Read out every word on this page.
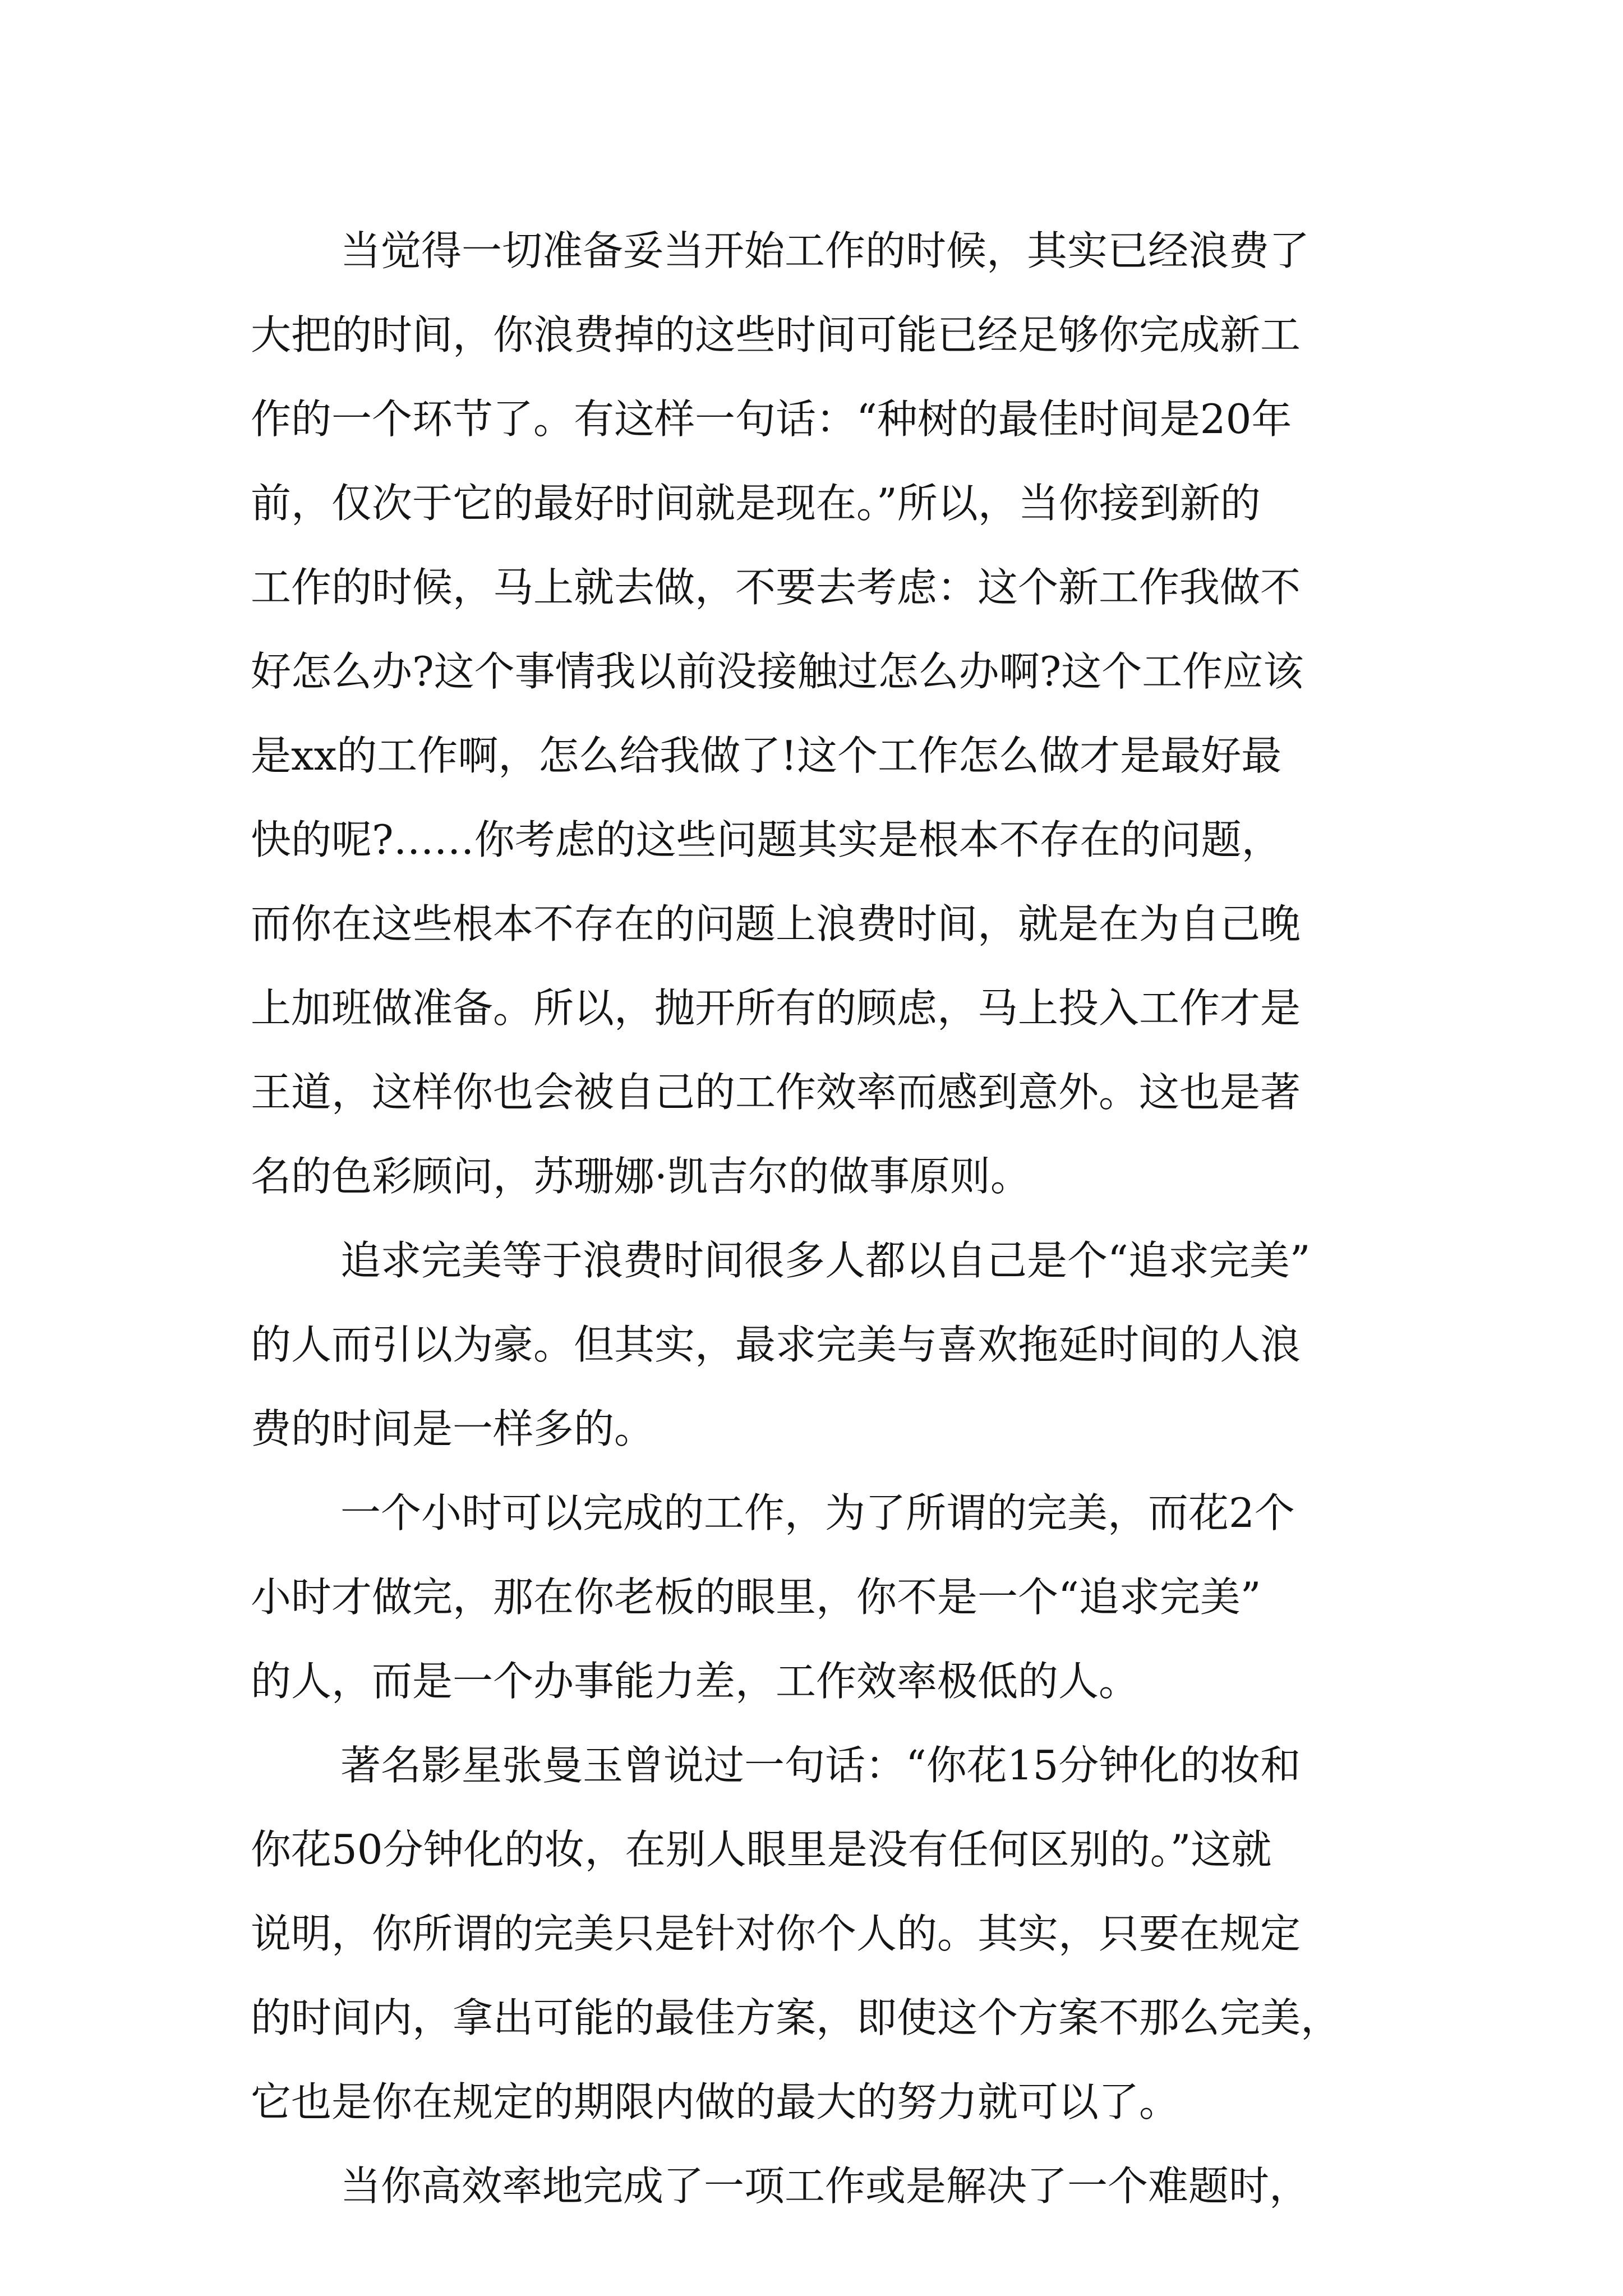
当觉得一切准备妥当开始工作的时候，其实已经浪费了
大把的时间，你浪费掉的这些时间可能已经足够你完成新工
作的一个环节了。有这样一句话：“种树的最佳时间是20年
前，仅次于它的最好时间就是现在。”所以，当你接到新的
工作的时候，马上就去做，不要去考虑：这个新工作我做不
好怎么办?这个事情我以前没接触过怎么办啊?这个工作应该
是xx的工作啊，怎么给我做了!这个工作怎么做才是最好最
快的呢?……你考虑的这些问题其实是根本不存在的问题，
而你在这些根本不存在的问题上浪费时间，就是在为自己晚
上加班做准备。所以，抛开所有的顾虑，马上投入工作才是
王道，这样你也会被自己的工作效率而感到意外。这也是著
名的色彩顾问，苏珊娜·凯吉尔的做事原则。
追求完美等于浪费时间很多人都以自己是个“追求完美”
的人而引以为豪。但其实，最求完美与喜欢拖延时间的人浪
费的时间是一样多的。
一个小时可以完成的工作，为了所谓的完美，而花2个
小时才做完，那在你老板的眼里，你不是一个“追求完美”
的人，而是一个办事能力差，工作效率极低的人。
著名影星张曼玉曾说过一句话：“你花15分钟化的妆和
你花50分钟化的妆，在别人眼里是没有任何区别的。”这就
说明，你所谓的完美只是针对你个人的。其实，只要在规定
的时间内，拿出可能的最佳方案，即使这个方案不那么完美，
它也是你在规定的期限内做的最大的努力就可以了。
当你高效率地完成了一项工作或是解决了一个难题时，
